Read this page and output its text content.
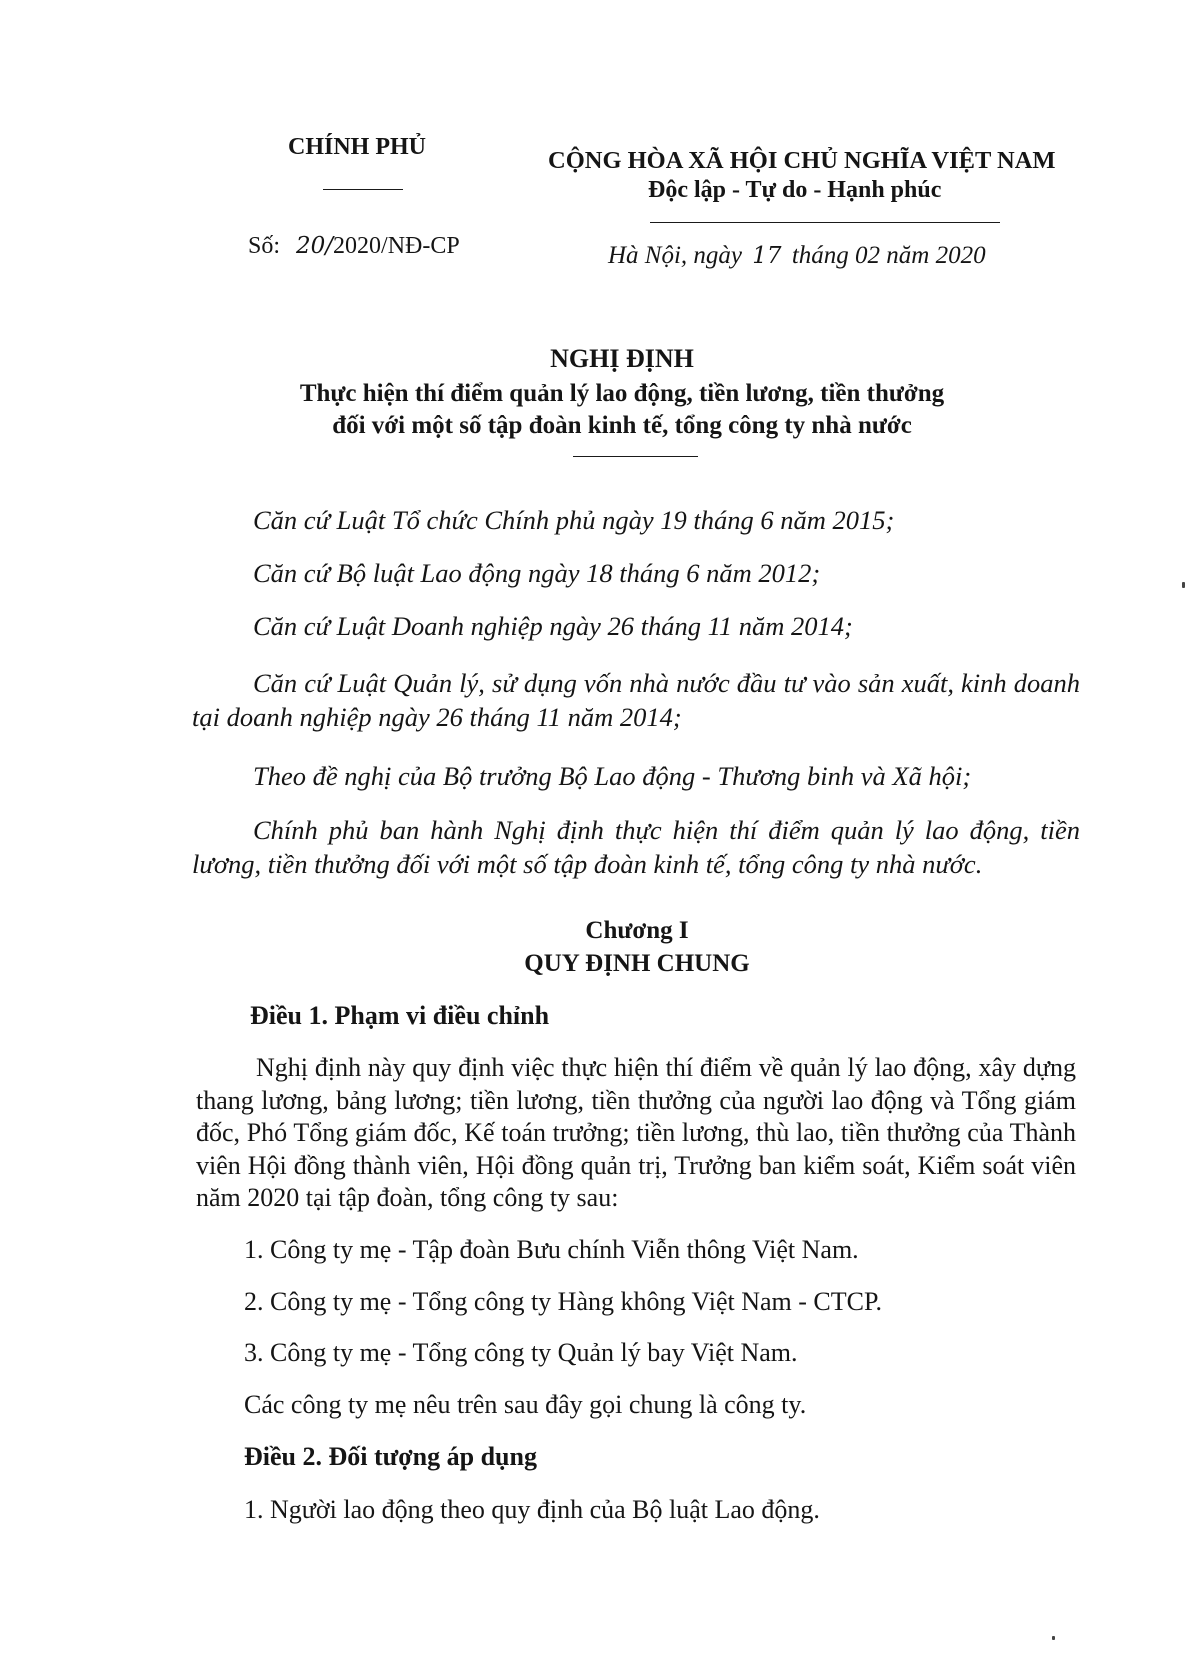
CHÍNH PHỦ	CỘNG HÒA XÃ HỘI CHỦ NGHĨA VIỆT NAM
Độc lập - Tự do - Hạnh phúc
Số: 20/2020/NĐ-CP	Hà Nội, ngày 17 tháng 02 năm 2020
NGHỊ ĐỊNH
Thực hiện thí điểm quản lý lao động, tiền lương, tiền thưởng
đối với một số tập đoàn kinh tế, tổng công ty nhà nước
Căn cứ Luật Tổ chức Chính phủ ngày 19 tháng 6 năm 2015;
Căn cứ Bộ luật Lao động ngày 18 tháng 6 năm 2012;
Căn cứ Luật Doanh nghiệp ngày 26 tháng 11 năm 2014;
Căn cứ Luật Quản lý, sử dụng vốn nhà nước đầu tư vào sản xuất, kinh doanh tại doanh nghiệp ngày 26 tháng 11 năm 2014;
Theo đề nghị của Bộ trưởng Bộ Lao động - Thương binh và Xã hội;
Chính phủ ban hành Nghị định thực hiện thí điểm quản lý lao động, tiền lương, tiền thưởng đối với một số tập đoàn kinh tế, tổng công ty nhà nước.
Chương I
QUY ĐỊNH CHUNG
Điều 1. Phạm vi điều chỉnh
Nghị định này quy định việc thực hiện thí điểm về quản lý lao động, xây dựng thang lương, bảng lương; tiền lương, tiền thưởng của người lao động và Tổng giám đốc, Phó Tổng giám đốc, Kế toán trưởng; tiền lương, thù lao, tiền thưởng của Thành viên Hội đồng thành viên, Hội đồng quản trị, Trưởng ban kiểm soát, Kiểm soát viên năm 2020 tại tập đoàn, tổng công ty sau:
1. Công ty mẹ - Tập đoàn Bưu chính Viễn thông Việt Nam.
2. Công ty mẹ - Tổng công ty Hàng không Việt Nam - CTCP.
3. Công ty mẹ - Tổng công ty Quản lý bay Việt Nam.
Các công ty mẹ nêu trên sau đây gọi chung là công ty.
Điều 2. Đối tượng áp dụng
1. Người lao động theo quy định của Bộ luật Lao động.
